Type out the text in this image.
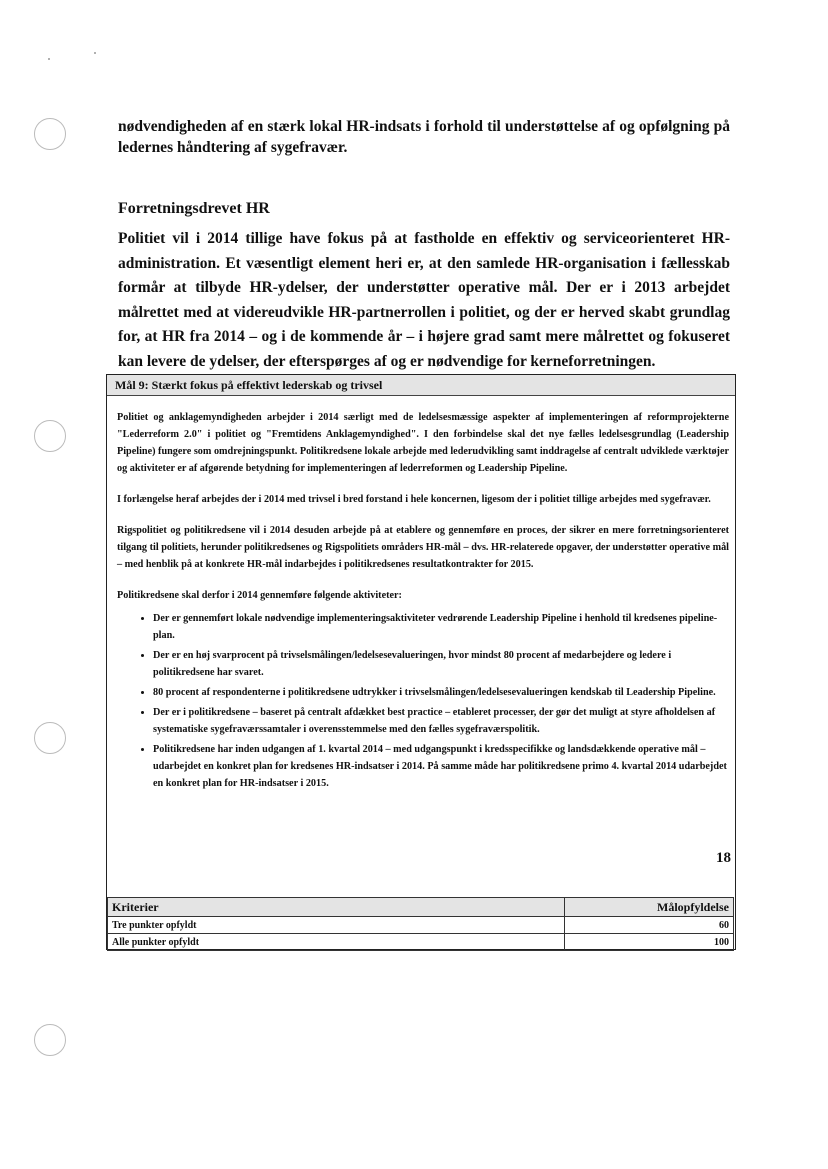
nødvendigheden af en stærk lokal HR-indsats i forhold til understøttelse af og opfølgning på ledernes håndtering af sygefravær.

Forretningsdrevet HR

Politiet vil i 2014 tillige have fokus på at fastholde en effektiv og serviceorienteret HR-administration. Et væsentligt element heri er, at den samlede HR-organisation i fællesskab formår at tilbyde HR-ydelser, der understøtter operative mål. Der er i 2013 arbejdet målrettet med at videreudvikle HR-partnerrollen i politiet, og der er herved skabt grundlag for, at HR fra 2014 – og i de kommende år – i højere grad samt mere målrettet og fokuseret kan levere de ydelser, der efterspørges af og er nødvendige for kerneforretningen.

Mål 9: Stærkt fokus på effektivt lederskab og trivsel

Politiet og anklagemyndigheden arbejder i 2014 særligt med de ledelsesmæssige aspekter af implementeringen af reformprojekterne "Lederreform 2.0" i politiet og "Fremtidens Anklagemyndighed". I den forbindelse skal det nye fælles ledelsesgrundlag (Leadership Pipeline) fungere som omdrejningspunkt. Politikredsene lokale arbejde med lederudvikling samt inddragelse af centralt udviklede værktøjer og aktiviteter er af afgørende betydning for implementeringen af lederreformen og Leadership Pipeline.

I forlængelse heraf arbejdes der i 2014 med trivsel i bred forstand i hele koncernen, ligesom der i politiet tillige arbejdes med sygefravær.

Rigspolitiet og politikredsene vil i 2014 desuden arbejde på at etablere og gennemføre en proces, der sikrer en mere forretningsorienteret tilgang til politiets, herunder politikredsenes og Rigspolitiets områders HR-mål – dvs. HR-relaterede opgaver, der understøtter operative mål – med henblik på at konkrete HR-mål indarbejdes i politikredsenes resultatkontrakter for 2015.

Politikredsene skal derfor i 2014 gennemføre følgende aktiviteter:

• Der er gennemført lokale nødvendige implementeringsaktiviteter vedrørende Leadership Pipeline i henhold til kredsenes pipeline-plan.
• Der er en høj svarprocent på trivselsmålingen/ledelsesevalueringen, hvor mindst 80 procent af medarbejdere og ledere i politikredsene har svaret.
• 80 procent af respondenterne i politikredsene udtrykker i trivselsmålingen/ledelsesevalueringen kendskab til Leadership Pipeline.
• Der er i politikredsene – baseret på centralt afdækket best practice – etableret processer, der gør det muligt at styre afholdelsen af systematiske sygefraværssamtaler i overensstemmelse med den fælles sygefraværspolitik.
• Politikredsene har inden udgangen af 1. kvartal 2014 – med udgangspunkt i kredsspecifikke og landsdækkende operative mål – udarbejdet en konkret plan for kredsenes HR-indsatser i 2014. På samme måde har politikredsene primo 4. kvartal 2014 udarbejdet en konkret plan for HR-indsatser i 2015.
Kriterier	Målopfyldelse
Tre punkter opfyldt	60
Alle punkter opfyldt	100
18
